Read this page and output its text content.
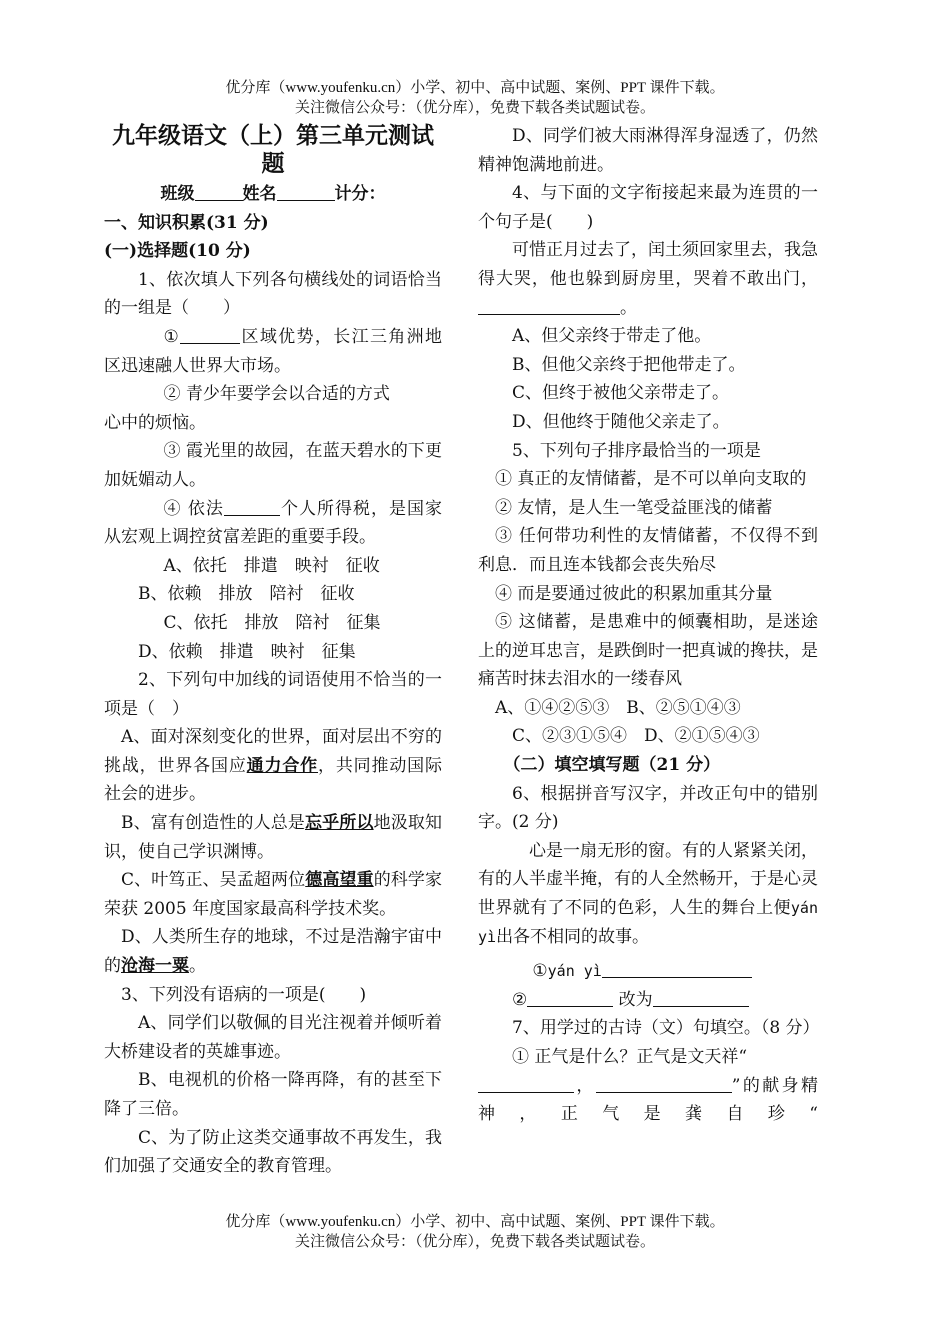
优分库（www.youfenku.cn）小学、初中、高中试题、案例、PPT 课件下载。
关注微信公众号：（优分库），免费下载各类试题试卷。

九年级语文（上）第三单元测试题

班级	姓名	计分：

一、知识积累(31 分)

(一)选择题(10 分)

1、依次填人下列各句横线处的词语恰当的一组是（　　）

①	区域优势，长江三角洲地区迅速融人世界大市场。

② 青少年要学会以合适的方式

心中的烦恼。

③ 霞光里的故园，在蓝天碧水的下更加妩媚动人。

④ 依法	个人所得税，是国家从宏观上调控贫富差距的重要手段。

A、依托　排遣　映衬　征收

B、依赖　排放　陪衬　征收

C、依托　排放　陪衬　征集

D、依赖　排遣　映衬　征集

2、下列句中加线的词语使用不恰当的一项是（　）

A、面对深刻变化的世界，面对层出不穷的挑战，世界各国应通力合作，共同推动国际社会的进步。

B、富有创造性的人总是忘乎所以地汲取知识，使自己学识渊博。

C、叶笃正、吴孟超两位德高望重的科学家荣获 2005 年度国家最高科学技术奖。

D、人类所生存的地球，不过是浩瀚宇宙中的沧海一粟。

3、下列没有语病的一项是(　　)

A、同学们以敬佩的目光注视着并倾听着大桥建设者的英雄事迹。

B、电视机的价格一降再降，有的甚至下降了三倍。

C、为了防止这类交通事故不再发生，我们加强了交通安全的教育管理。

D、同学们被大雨淋得浑身湿透了，仍然精神饱满地前进。

4、与下面的文字衔接起来最为连贯的一个句子是(　　)

可惜正月过去了，闰土须回家里去，我急得大哭，他也躲到厨房里，哭着不敢出门，。

A、但父亲终于带走了他。

B、但他父亲终于把他带走了。

C、但终于被他父亲带走了。

D、但他终于随他父亲走了。

5、下列句子排序最恰当的一项是

① 真正的友情储蓄，是不可以单向支取的

② 友情，是人生一笔受益匪浅的储蓄

③ 任何带功利性的友情储蓄，不仅得不到利息．而且连本钱都会丧失殆尽

④ 而是要通过彼此的积累加重其分量

⑤ 这储蓄，是患难中的倾囊相助，是迷途上的逆耳忠言，是跌倒时一把真诚的搀扶，是痛苦时抹去泪水的一缕春风

A、①④②⑤③　B、②⑤①④③

C、②③①⑤④　D、②①⑤④③

（二）填空填写题（21 分）

6、根据拼音写汉字，并改正句中的错别字。(2 分)

心是一扇无形的窗。有的人紧紧关闭，有的人半虚半掩，有的人全然畅开，于是心灵世界就有了不同的色彩，人生的舞台上便yán yì出各不相同的故事。

①yán yì

②	改为

7、用学过的古诗（文）句填空。（8 分）

① 正气是什么？正气是文天祥“

，	”的献身精神，正气是龚自珍“

优分库（www.youfenku.cn）小学、初中、高中试题、案例、PPT 课件下载。
关注微信公众号：（优分库），免费下载各类试题试卷。
